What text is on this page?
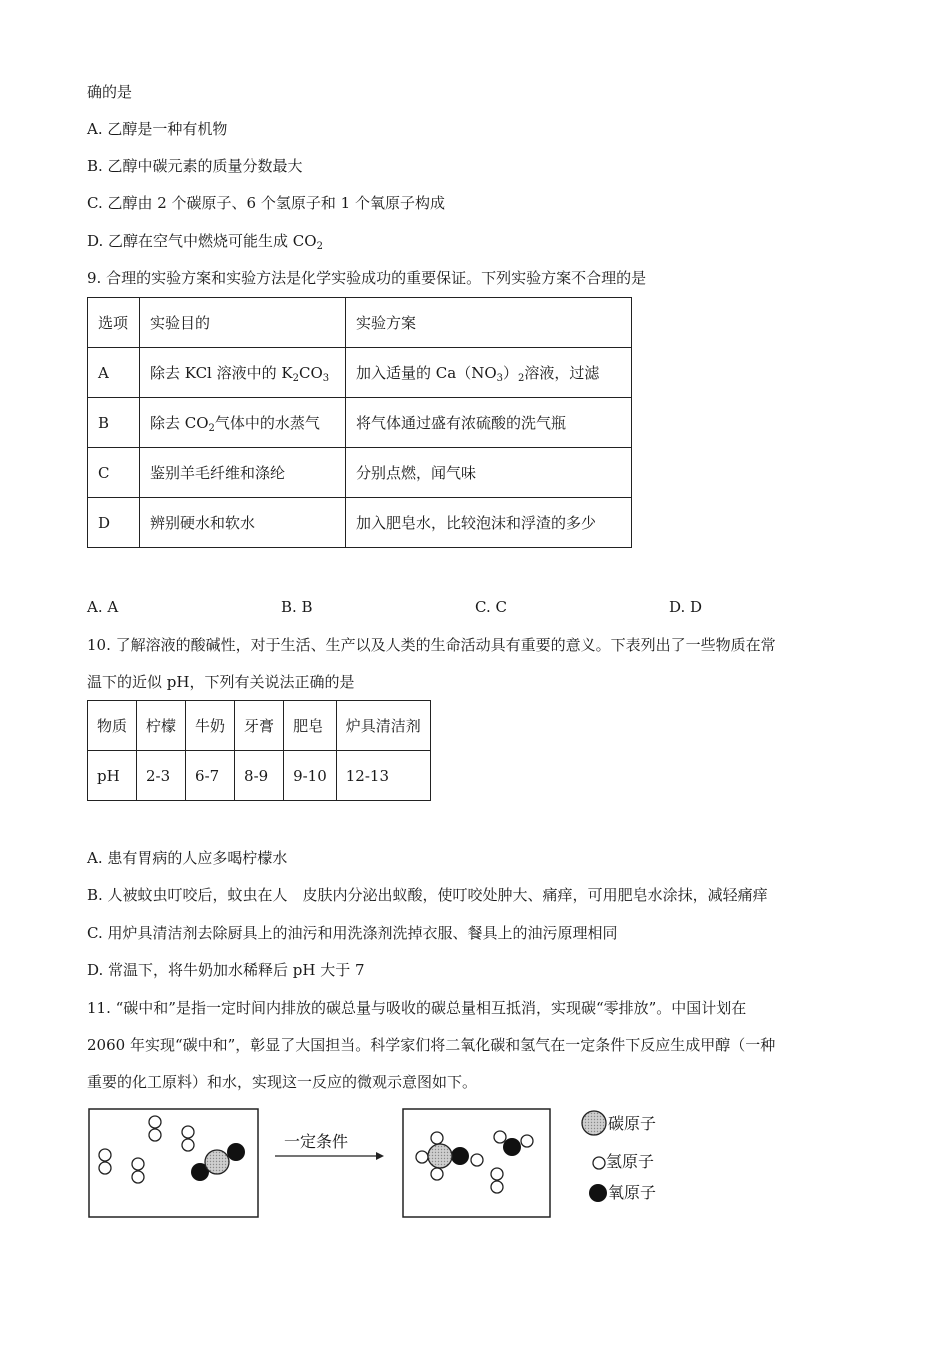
确的是
A. 乙醇是一种有机物
B. 乙醇中碳元素的质量分数最大
C. 乙醇由 2 个碳原子、6 个氢原子和 1 个氧原子构成
D. 乙醇在空气中燃烧可能生成 $CO_2$
9. 合理的实验方案和实验方法是化学实验成功的重要保证。下列实验方案不合理的是
选项	实验目的	实验方案
A	除去 KCl 溶液中的 $K_2CO_3$	加入适量的 $Ca(NO_3)_2$溶液，过滤
B	除去 $CO_2$气体中的水蒸气	将气体通过盛有浓硫酸的洗气瓶
C	鉴别羊毛纤维和涤纶	分别点燃，闻气味
D	辨别硬水和软水	加入肥皂水，比较泡沫和浮渣的多少
A. A	B. B	C. C	D. D
10. 了解溶液的酸碱性，对于生活、生产以及人类的生命活动具有重要的意义。下表列出了一些物质在常
温下的近似 pH，下列有关说法正确的是
物质	柠檬	牛奶	牙膏	肥皂	炉具清洁剂
pH	2-3	6-7	8-9	9-10	12-13
A. 患有胃病的人应多喝柠檬水
B. 人被蚊虫叮咬后，蚊虫在人　皮肤内分泌出蚁酸，使叮咬处肿大、痛痒，可用肥皂水涂抹，减轻痛痒
C. 用炉具清洁剂去除厨具上的油污和用洗涤剂洗掉衣服、餐具上的油污原理相同
D. 常温下，将牛奶加水稀释后 pH 大于 7
11. “碳中和”是指一定时间内排放的碳总量与吸收的碳总量相互抵消，实现碳“零排放”。中国计划在
2060 年实现“碳中和”，彰显了大国担当。科学家们将二氧化碳和氢气在一定条件下反应生成甲醇（一种
重要的化工原料）和水，实现这一反应的微观示意图如下。
一定条件
碳原子
氢原子
氧原子
